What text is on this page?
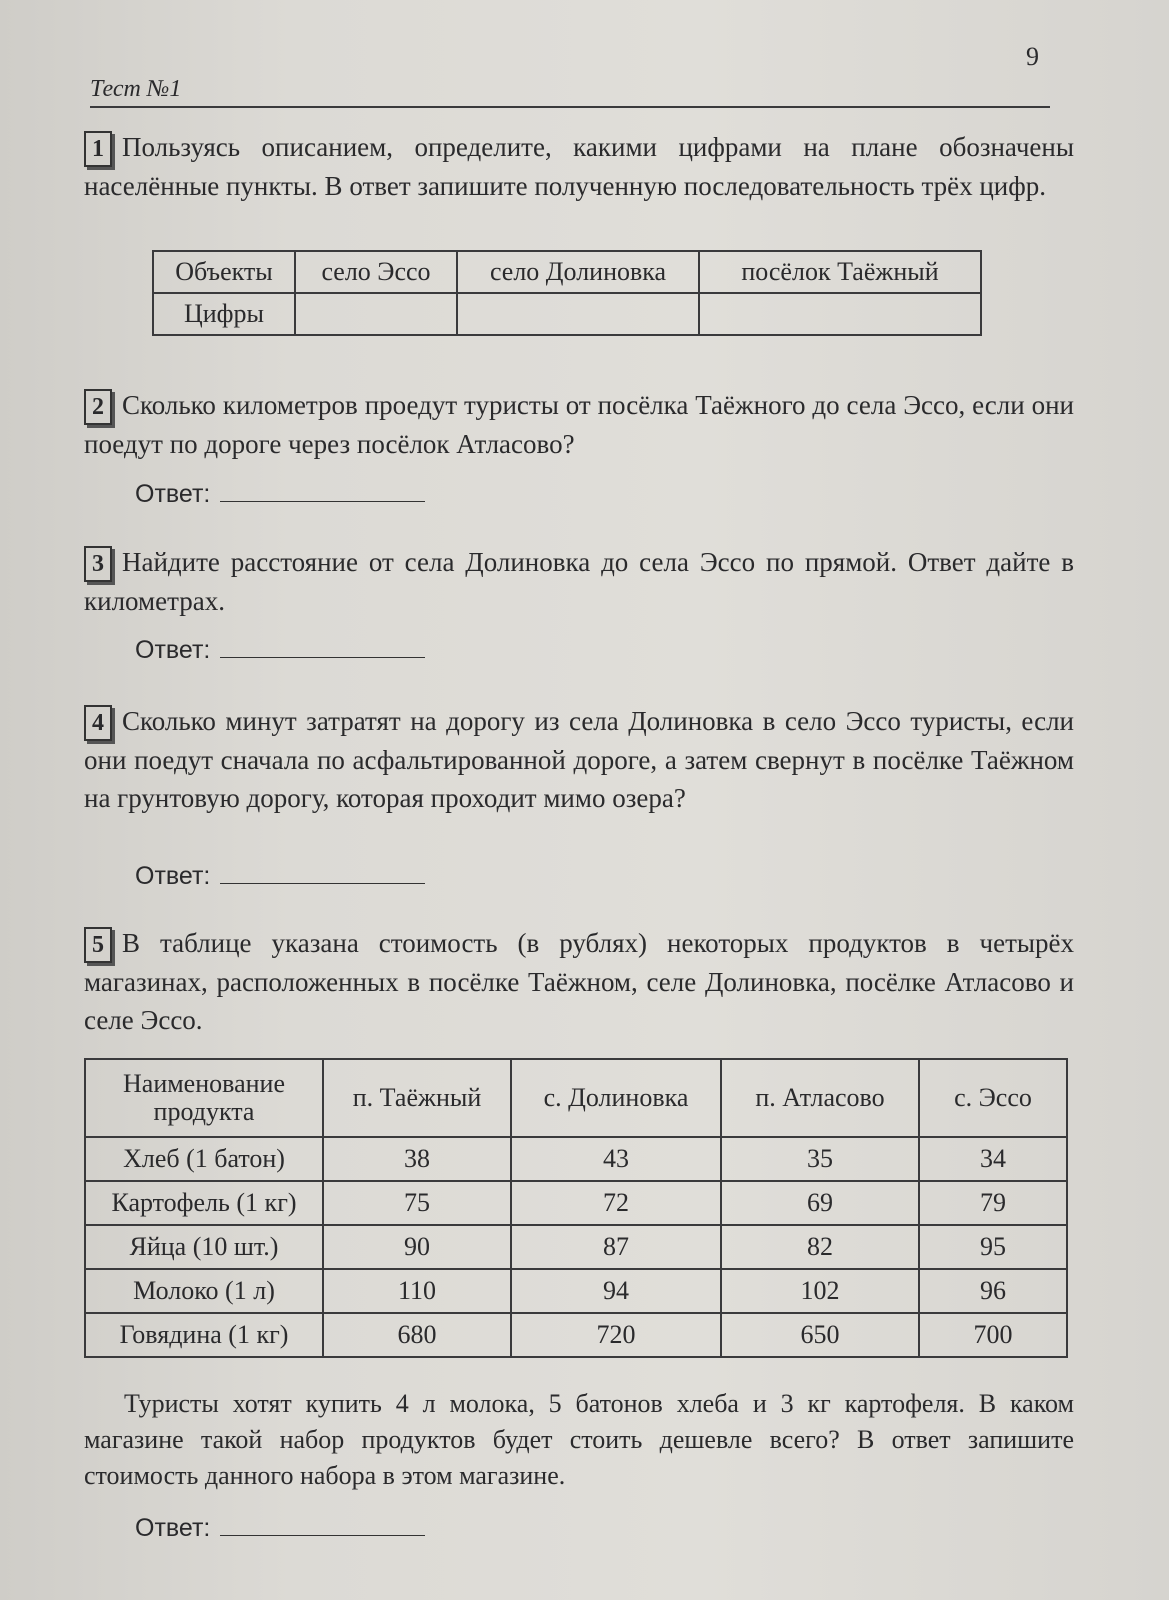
9
Тест №1
1 Пользуясь описанием, определите, какими цифрами на плане обозначены населённые пункты. В ответ запишите полученную последовательность трёх цифр.
Объекты	село Эссо	село Долиновка	посёлок Таёжный
Цифры			
2 Сколько километров проедут туристы от посёлка Таёжного до села Эссо, если они поедут по дороге через посёлок Атласово?
Ответ:
3 Найдите расстояние от села Долиновка до села Эссо по прямой. Ответ дайте в километрах.
Ответ:
4 Сколько минут затратят на дорогу из села Долиновка в село Эссо туристы, если они поедут сначала по асфальтированной дороге, а затем свернут в посёлке Таёжном на грунтовую дорогу, которая проходит мимо озера?
Ответ:
5 В таблице указана стоимость (в рублях) некоторых продуктов в четырёх магазинах, расположенных в посёлке Таёжном, селе Долиновка, посёлке Атласово и селе Эссо.
Наименование продукта	п. Таёжный	с. Долиновка	п. Атласово	с. Эссо
Хлеб (1 батон)	38	43	35	34
Картофель (1 кг)	75	72	69	79
Яйца (10 шт.)	90	87	82	95
Молоко (1 л)	110	94	102	96
Говядина (1 кг)	680	720	650	700
Туристы хотят купить 4 л молока, 5 батонов хлеба и 3 кг картофеля. В каком магазине такой набор продуктов будет стоить дешевле всего? В ответ запишите стоимость данного набора в этом магазине.
Ответ:
